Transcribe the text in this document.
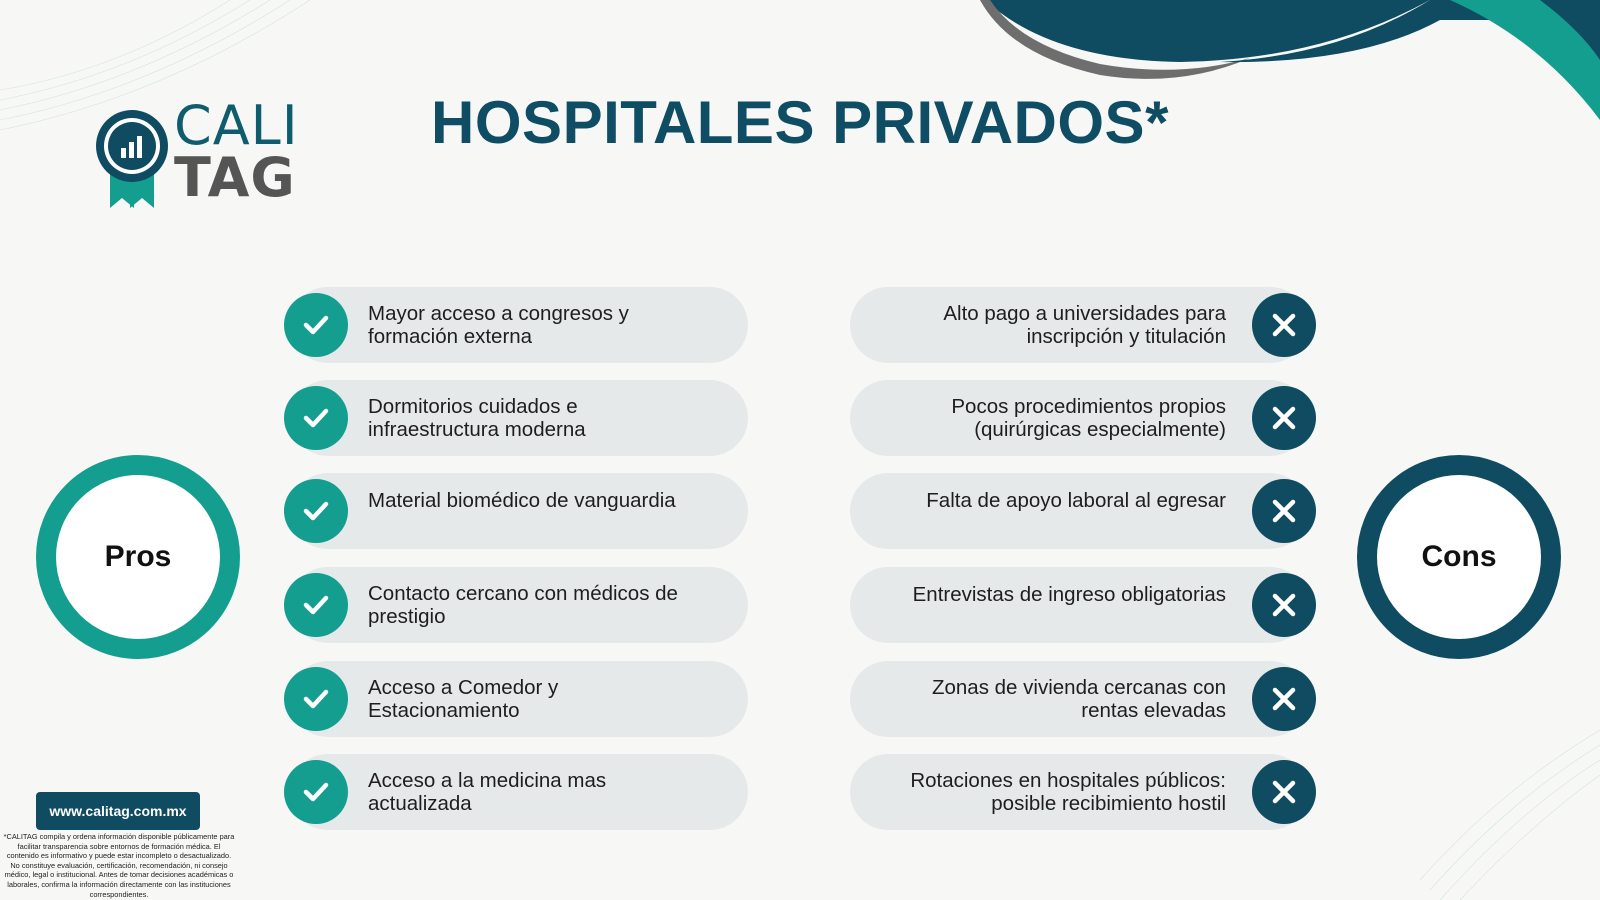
CALI
TAG
HOSPITALES PRIVADOS*
Pros	Cons
Mayor acceso a congresos y
formación externa
Dormitorios cuidados e
infraestructura moderna
Material biomédico de vanguardia
Contacto cercano con médicos de
prestigio
Acceso a Comedor y
Estacionamiento
Acceso a la medicina mas
actualizada
Alto pago a universidades para
inscripción y titulación
Pocos procedimientos propios
(quirúrgicas especialmente)
Falta de apoyo laboral al egresar
Entrevistas de ingreso obligatorias
Zonas de vivienda cercanas con
rentas elevadas
Rotaciones en hospitales públicos:
posible recibimiento hostil
www.calitag.com.mx
*CALITAG compila y ordena información disponible públicamente para facilitar transparencia sobre entornos de formación médica. El contenido es informativo y puede estar incompleto o desactualizado. No constituye evaluación, certificación, recomendación, ni consejo médico, legal o institucional. Antes de tomar decisiones académicas o laborales, confirma la información directamente con las instituciones correspondientes.
